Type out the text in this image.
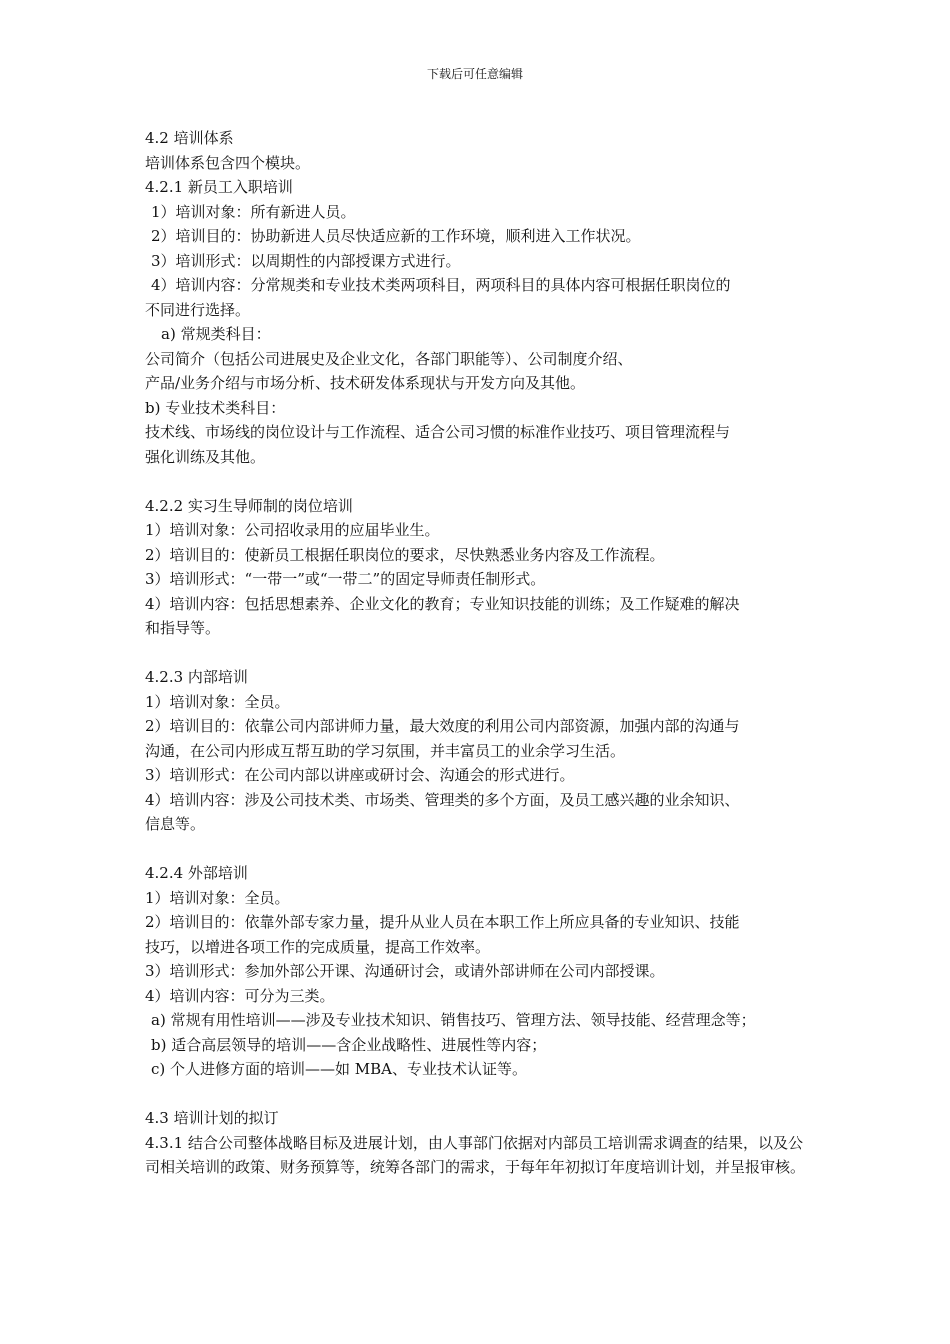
下载后可任意编辑
4.2 培训体系
培训体系包含四个模块。
4.2.1 新员工入职培训
1）培训对象：所有新进人员。
2）培训目的：协助新进人员尽快适应新的工作环境，顺利进入工作状况。
3）培训形式：以周期性的内部授课方式进行。
4）培训内容：分常规类和专业技术类两项科目，两项科目的具体内容可根据任职岗位的
不同进行选择。
a) 常规类科目：
公司简介（包括公司进展史及企业文化，各部门职能等）、公司制度介绍、
产品/业务介绍与市场分析、技术研发体系现状与开发方向及其他。
b) 专业技术类科目：
技术线、市场线的岗位设计与工作流程、适合公司习惯的标准作业技巧、项目管理流程与
强化训练及其他。
4.2.2 实习生导师制的岗位培训
1）培训对象：公司招收录用的应届毕业生。
2）培训目的：使新员工根据任职岗位的要求，尽快熟悉业务内容及工作流程。
3）培训形式：“一带一”或“一带二”的固定导师责任制形式。
4）培训内容：包括思想素养、企业文化的教育；专业知识技能的训练；及工作疑难的解决
和指导等。
4.2.3 内部培训
1）培训对象：全员。
2）培训目的：依靠公司内部讲师力量，最大效度的利用公司内部资源，加强内部的沟通与
沟通，在公司内形成互帮互助的学习氛围，并丰富员工的业余学习生活。
3）培训形式：在公司内部以讲座或研讨会、沟通会的形式进行。
4）培训内容：涉及公司技术类、市场类、管理类的多个方面，及员工感兴趣的业余知识、
信息等。
4.2.4 外部培训
1）培训对象：全员。
2）培训目的：依靠外部专家力量，提升从业人员在本职工作上所应具备的专业知识、技能
技巧，以增进各项工作的完成质量，提高工作效率。
3）培训形式：参加外部公开课、沟通研讨会，或请外部讲师在公司内部授课。
4）培训内容：可分为三类。
a) 常规有用性培训——涉及专业技术知识、销售技巧、管理方法、领导技能、经营理念等；
b) 适合高层领导的培训——含企业战略性、进展性等内容；
c) 个人进修方面的培训——如 MBA、专业技术认证等。
4.3 培训计划的拟订
4.3.1 结合公司整体战略目标及进展计划，由人事部门依据对内部员工培训需求调查的结果，以及公司相关培训的政策、财务预算等，统筹各部门的需求，于每年年初拟订年度培训计划，并呈报审核。
